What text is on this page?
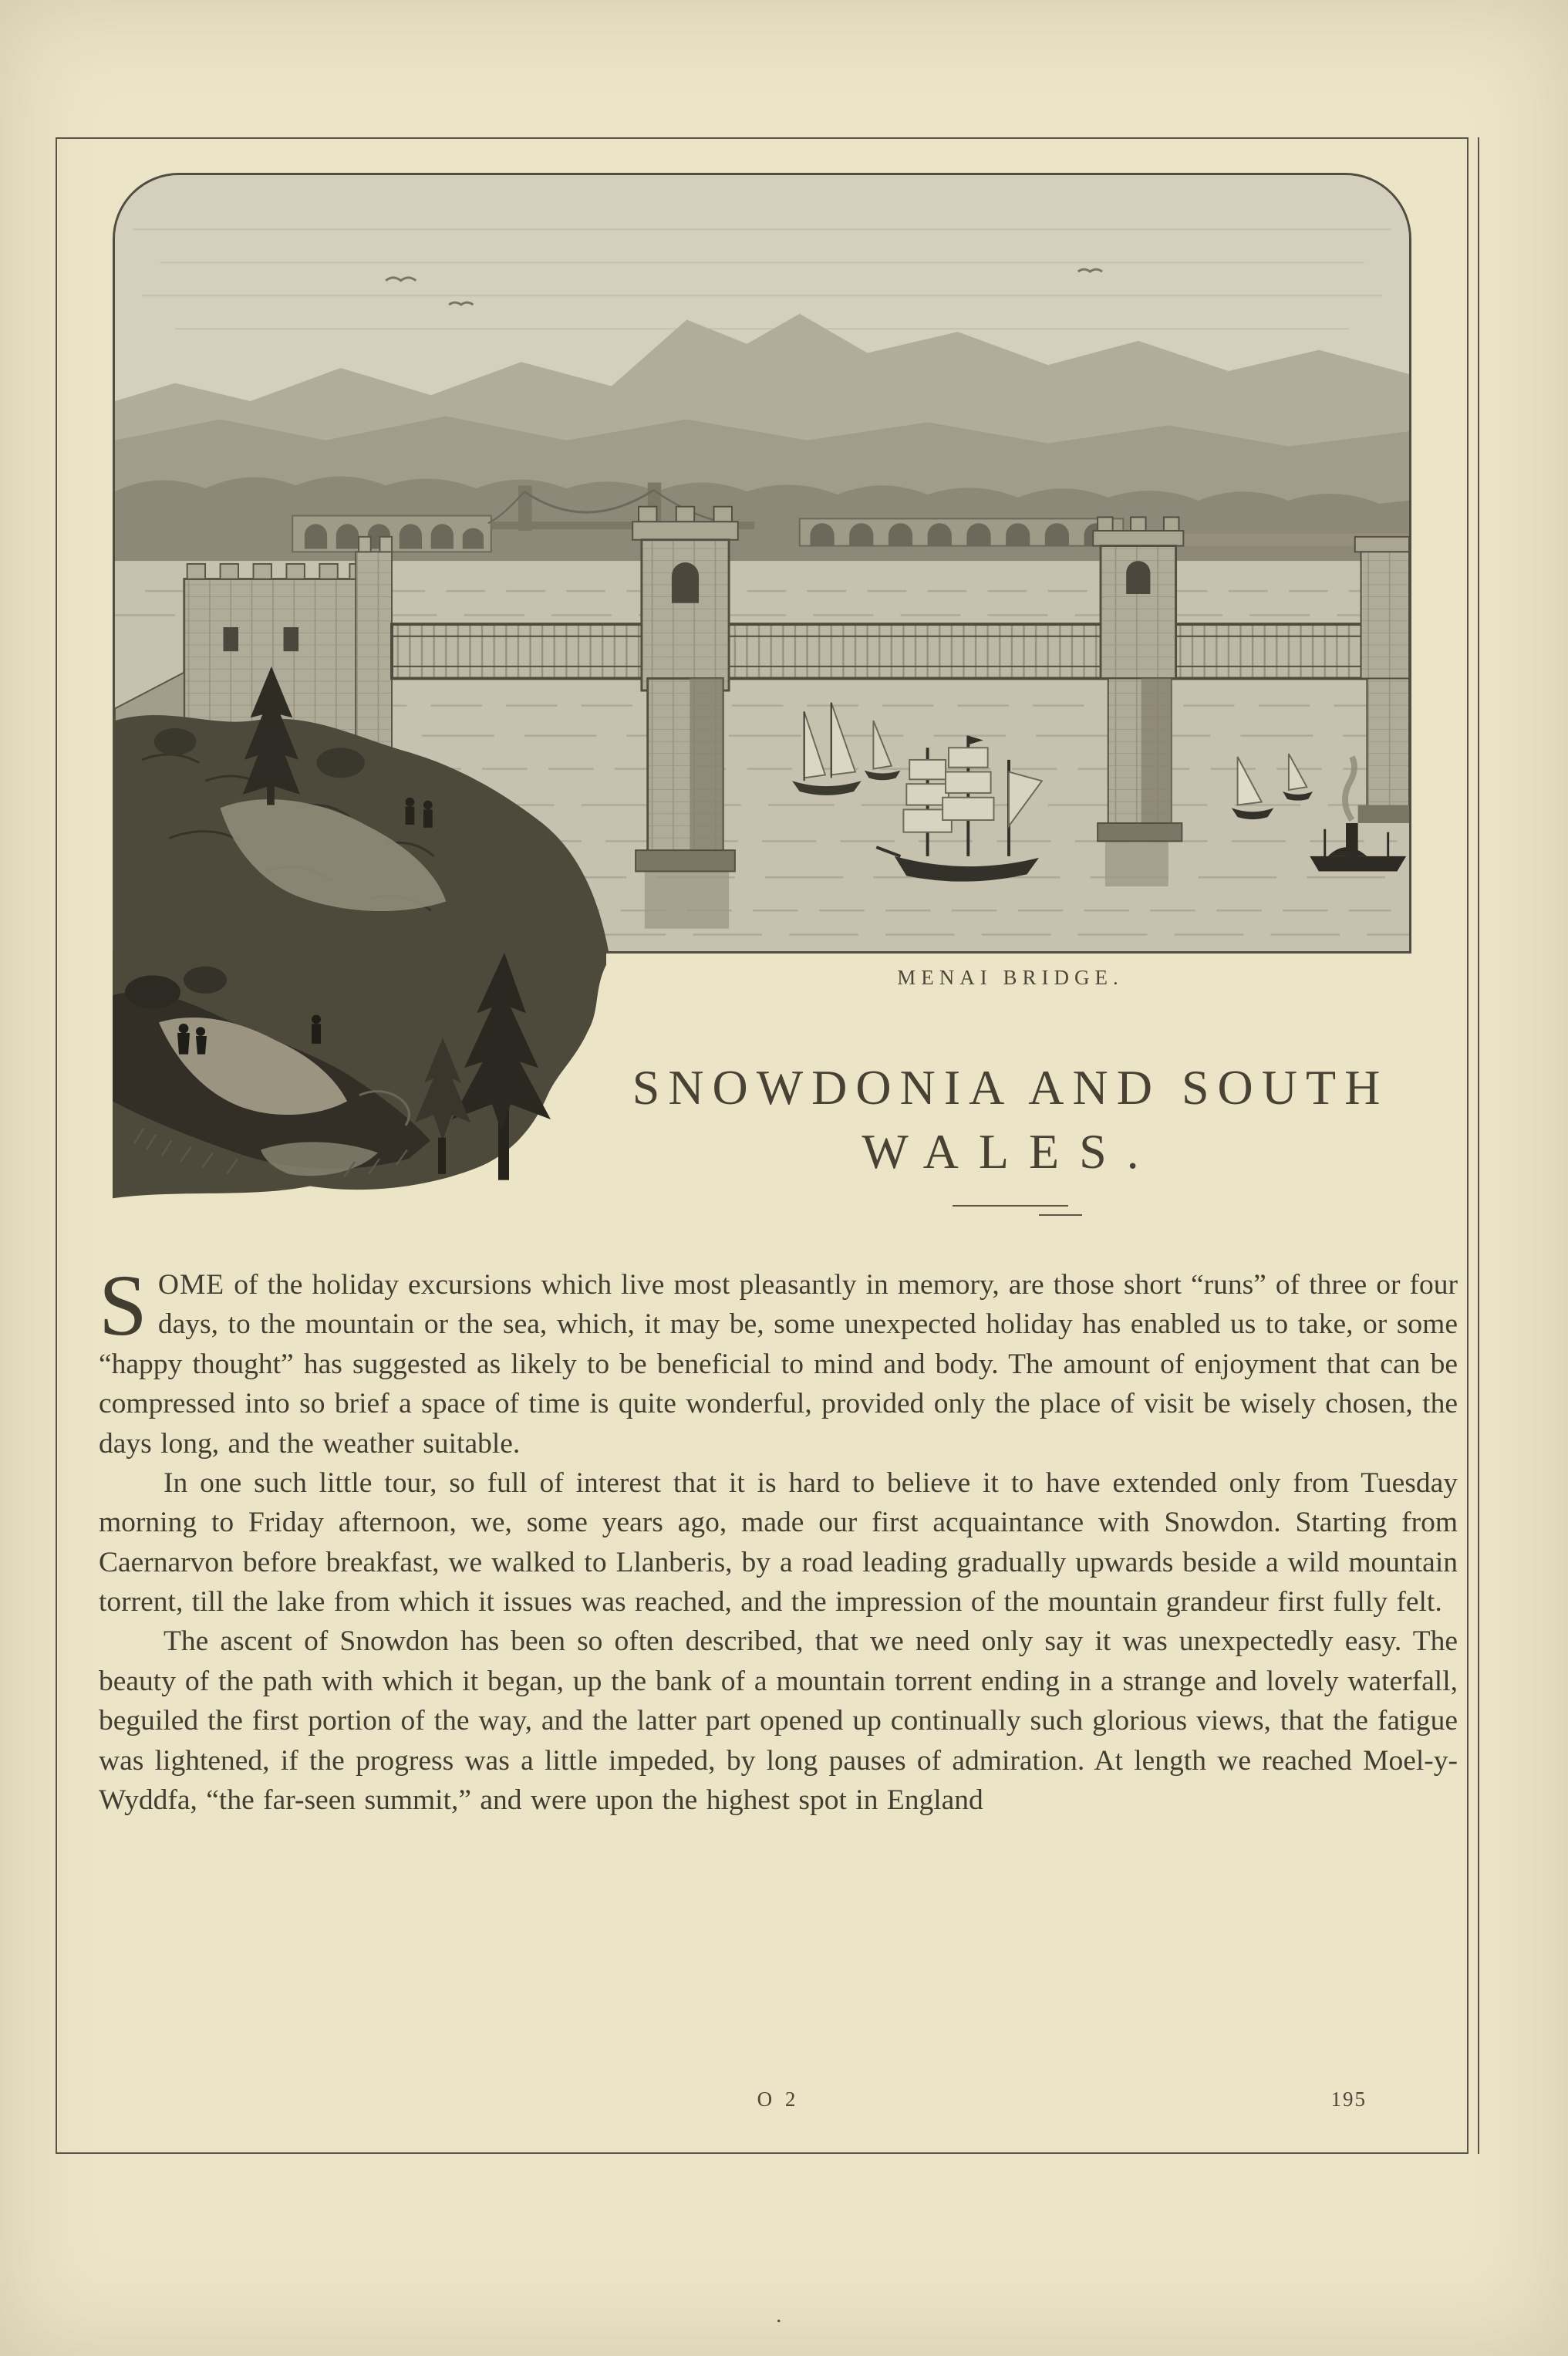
MENAI BRIDGE.
SNOWDONIA AND SOUTH
WALES.

SOME of the holiday excursions which live most pleasantly in memory, are those short “runs” of three or four days, to the mountain or the sea, which, it may be, some unexpected holiday has enabled us to take, or some “happy thought” has suggested as likely to be beneficial to mind and body. The amount of enjoyment that can be compressed into so brief a space of time is quite wonderful, provided only the place of visit be wisely chosen, the days long, and the weather suitable.

In one such little tour, so full of interest that it is hard to believe it to have extended only from Tuesday morning to Friday afternoon, we, some years ago, made our first acquaintance with Snowdon. Starting from Caernarvon before breakfast, we walked to Llanberis, by a road leading gradually upwards beside a wild mountain torrent, till the lake from which it issues was reached, and the impression of the mountain grandeur first fully felt.

The ascent of Snowdon has been so often described, that we need only say it was unexpectedly easy. The beauty of the path with which it began, up the bank of a mountain torrent ending in a strange and lovely waterfall, beguiled the first portion of the way, and the latter part opened up continually such glorious views, that the fatigue was lightened, if the progress was a little impeded, by long pauses of admiration. At length we reached Moel-y-Wyddfa, “the far-seen summit,” and were upon the highest spot in England

O 2	195
.
